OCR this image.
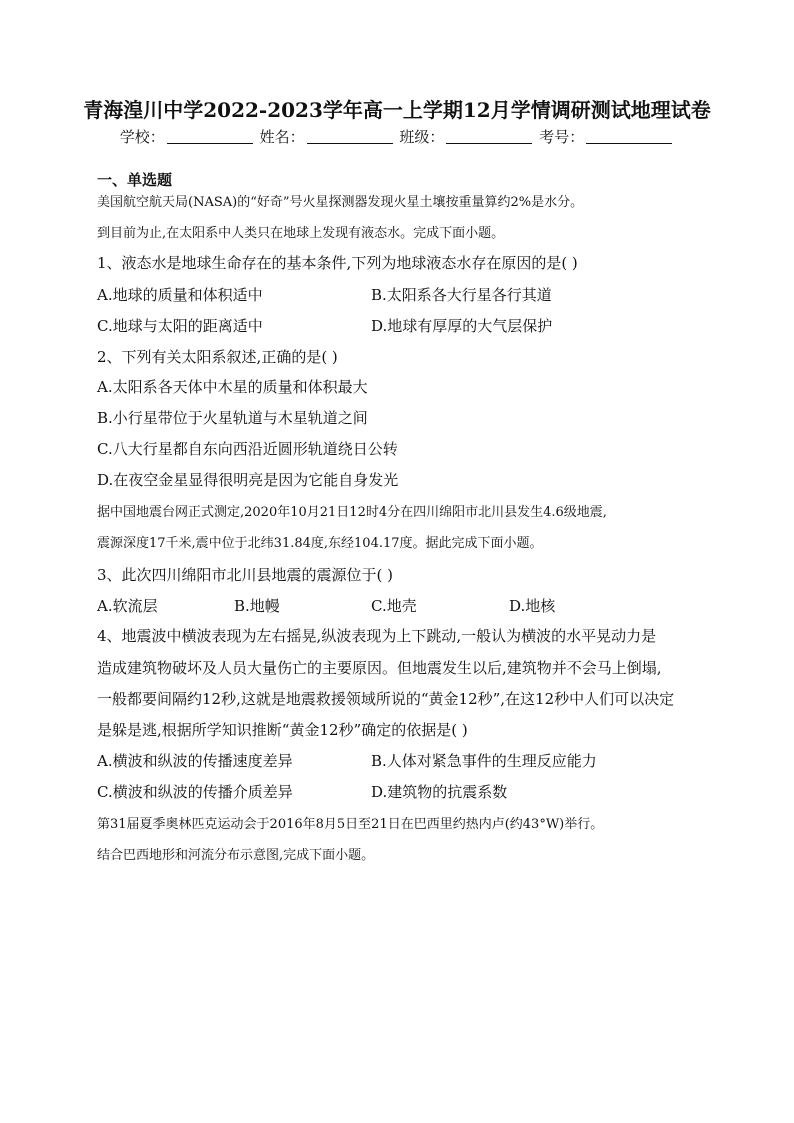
青海湟川中学2022-2023学年高一上学期12月学情调研测试地理试卷
学校：	姓名：	班级：	考号：
一、单选题
美国航空航天局(NASA)的“好奇”号火星探测器发现火星土壤按重量算约2%是水分。
到目前为止,在太阳系中人类只在地球上发现有液态水。完成下面小题。
1、液态水是地球生命存在的基本条件,下列为地球液态水存在原因的是( )
A.地球的质量和体积适中	B.太阳系各大行星各行其道
C.地球与太阳的距离适中	D.地球有厚厚的大气层保护
2、下列有关太阳系叙述,正确的是( )
A.太阳系各天体中木星的质量和体积最大
B.小行星带位于火星轨道与木星轨道之间
C.八大行星都自东向西沿近圆形轨道绕日公转
D.在夜空金星显得很明亮是因为它能自身发光
据中国地震台网正式测定,2020年10月21日12时4分在四川绵阳市北川县发生4.6级地震,
震源深度17千米,震中位于北纬31.84度,东经104.17度。据此完成下面小题。
3、此次四川绵阳市北川县地震的震源位于( )
A.软流层	B.地幔	C.地壳	D.地核
4、地震波中横波表现为左右摇晃,纵波表现为上下跳动,一般认为横波的水平晃动力是
造成建筑物破坏及人员大量伤亡的主要原因。但地震发生以后,建筑物并不会马上倒塌,
一般都要间隔约12秒,这就是地震救援领域所说的“黄金12秒”,在这12秒中人们可以决定
是躲是逃,根据所学知识推断“黄金12秒”确定的依据是( )
A.横波和纵波的传播速度差异	B.人体对紧急事件的生理反应能力
C.横波和纵波的传播介质差异	D.建筑物的抗震系数
第31届夏季奥林匹克运动会于2016年8月5日至21日在巴西里约热内卢(约43°W)举行。
结合巴西地形和河流分布示意图,完成下面小题。
